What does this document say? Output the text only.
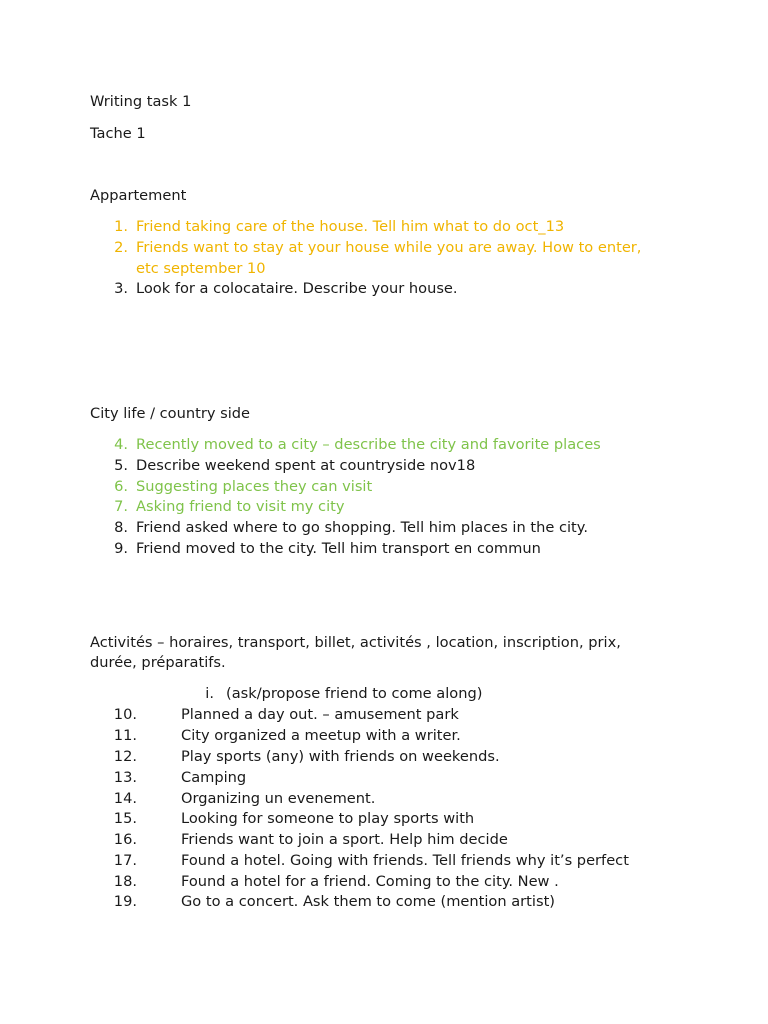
Writing task 1
Tache 1
Appartement
1. Friend taking care of the house. Tell him what to do oct_13
2. Friends want to stay at your house while you are away. How to enter,
etc september 10
3. Look for a colocataire. Describe your house.
City life / country side
4. Recently moved to a city – describe the city and favorite places
5. Describe weekend spent at countryside nov18
6. Suggesting places they can visit
7. Asking friend to visit my city
8. Friend asked where to go shopping. Tell him places in the city.
9. Friend moved to the city. Tell him transport en commun
Activités – horaires, transport, billet, activités , location, inscription, prix,
durée, préparatifs.
i. (ask/propose friend to come along)
10.	Planned a day out. – amusement park
11.	City organized a meetup with a writer.
12.	Play sports (any) with friends on weekends.
13.	Camping
14.	Organizing un evenement.
15.	Looking for someone to play sports with
16.	Friends want to join a sport. Help him decide
17.	Found a hotel. Going with friends. Tell friends why it’s perfect
18.	Found a hotel for a friend. Coming to the city. New .
19.	Go to a concert. Ask them to come (mention artist)
